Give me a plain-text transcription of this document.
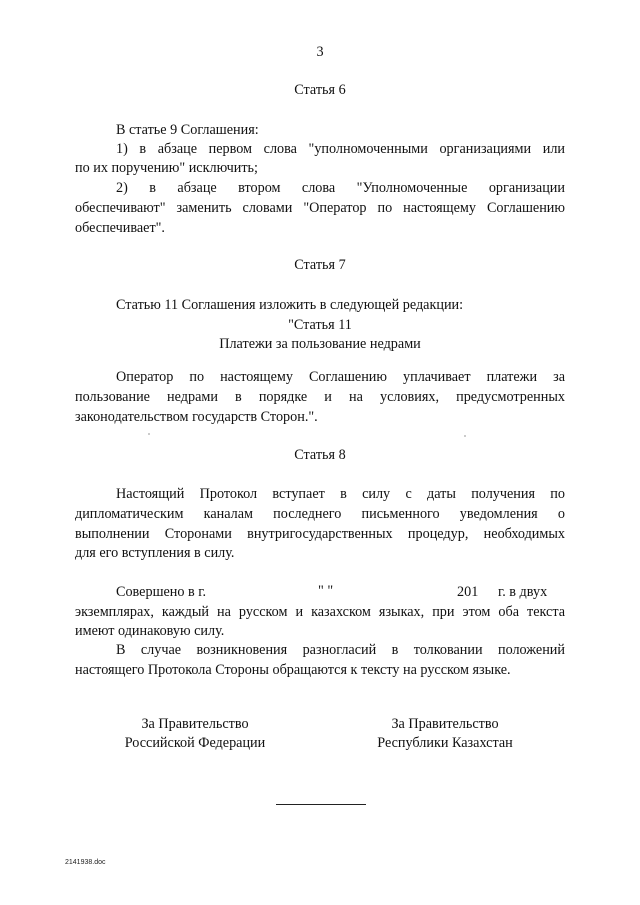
3
Статья 6
В статье 9 Соглашения:
1) в абзаце первом слова "уполномоченными организациями или
по их поручению" исключить;
2) в абзаце втором слова "Уполномоченные организации
обеспечивают" заменить словами "Оператор по настоящему Соглашению
обеспечивает".
Статья 7
Статью 11 Соглашения изложить в следующей редакции:
"Статья 11
Платежи за пользование недрами
Оператор по настоящему Соглашению уплачивает платежи за
пользование недрами в порядке и на условиях, предусмотренных
законодательством государств Сторон.".
Статья 8
Настоящий Протокол вступает в силу с даты получения по
дипломатическим каналам последнего письменного уведомления о
выполнении Сторонами внутригосударственных процедур, необходимых
для его вступления в силу.
Совершено в г.	" "	201 г. в двух
экземплярах, каждый на русском и казахском языках, при этом оба текста
имеют одинаковую силу.
В случае возникновения разногласий в толковании положений
настоящего Протокола Стороны обращаются к тексту на русском языке.
За Правительство
Российской Федерации
За Правительство
Республики Казахстан
2141938.doc
